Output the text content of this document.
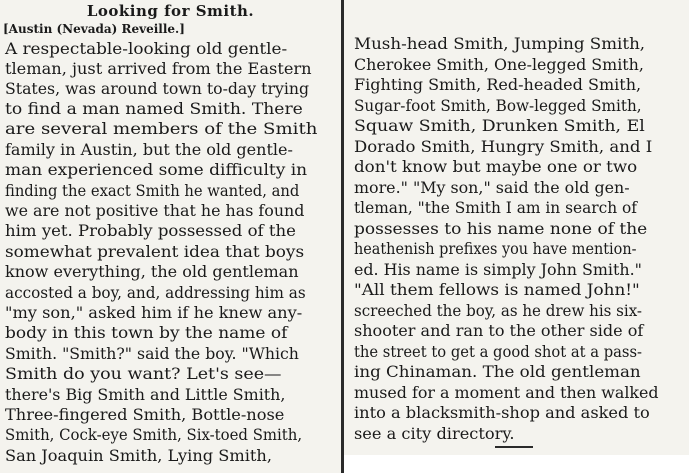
Looking for Smith.
[Austin (Nevada) Reveille.]
A respectable-looking old gentle-
tleman, just arrived from the Eastern
States, was around town to-day trying
to find a man named Smith. There
are several members of the Smith
family in Austin, but the old gentle-
man experienced some difficulty in
finding the exact Smith he wanted, and
we are not positive that he has found
him yet. Probably possessed of the
somewhat prevalent idea that boys
know everything, the old gentleman
accosted a boy, and, addressing him as
"my son," asked him if he knew any-
body in this town by the name of
Smith. "Smith?" said the boy. "Which
Smith do you want? Let's see—
there's Big Smith and Little Smith,
Three-fingered Smith, Bottle-nose
Smith, Cock-eye Smith, Six-toed Smith,
San Joaquin Smith, Lying Smith,
Mush-head Smith, Jumping Smith,
Cherokee Smith, One-legged Smith,
Fighting Smith, Red-headed Smith,
Sugar-foot Smith, Bow-legged Smith,
Squaw Smith, Drunken Smith, El
Dorado Smith, Hungry Smith, and I
don't know but maybe one or two
more." "My son," said the old gen-
tleman, "the Smith I am in search of
possesses to his name none of the
heathenish prefixes you have mention-
ed. His name is simply John Smith."
"All them fellows is named John!"
screeched the boy, as he drew his six-
shooter and ran to the other side of
the street to get a good shot at a pass-
ing Chinaman. The old gentleman
mused for a moment and then walked
into a blacksmith-shop and asked to
see a city directory.
